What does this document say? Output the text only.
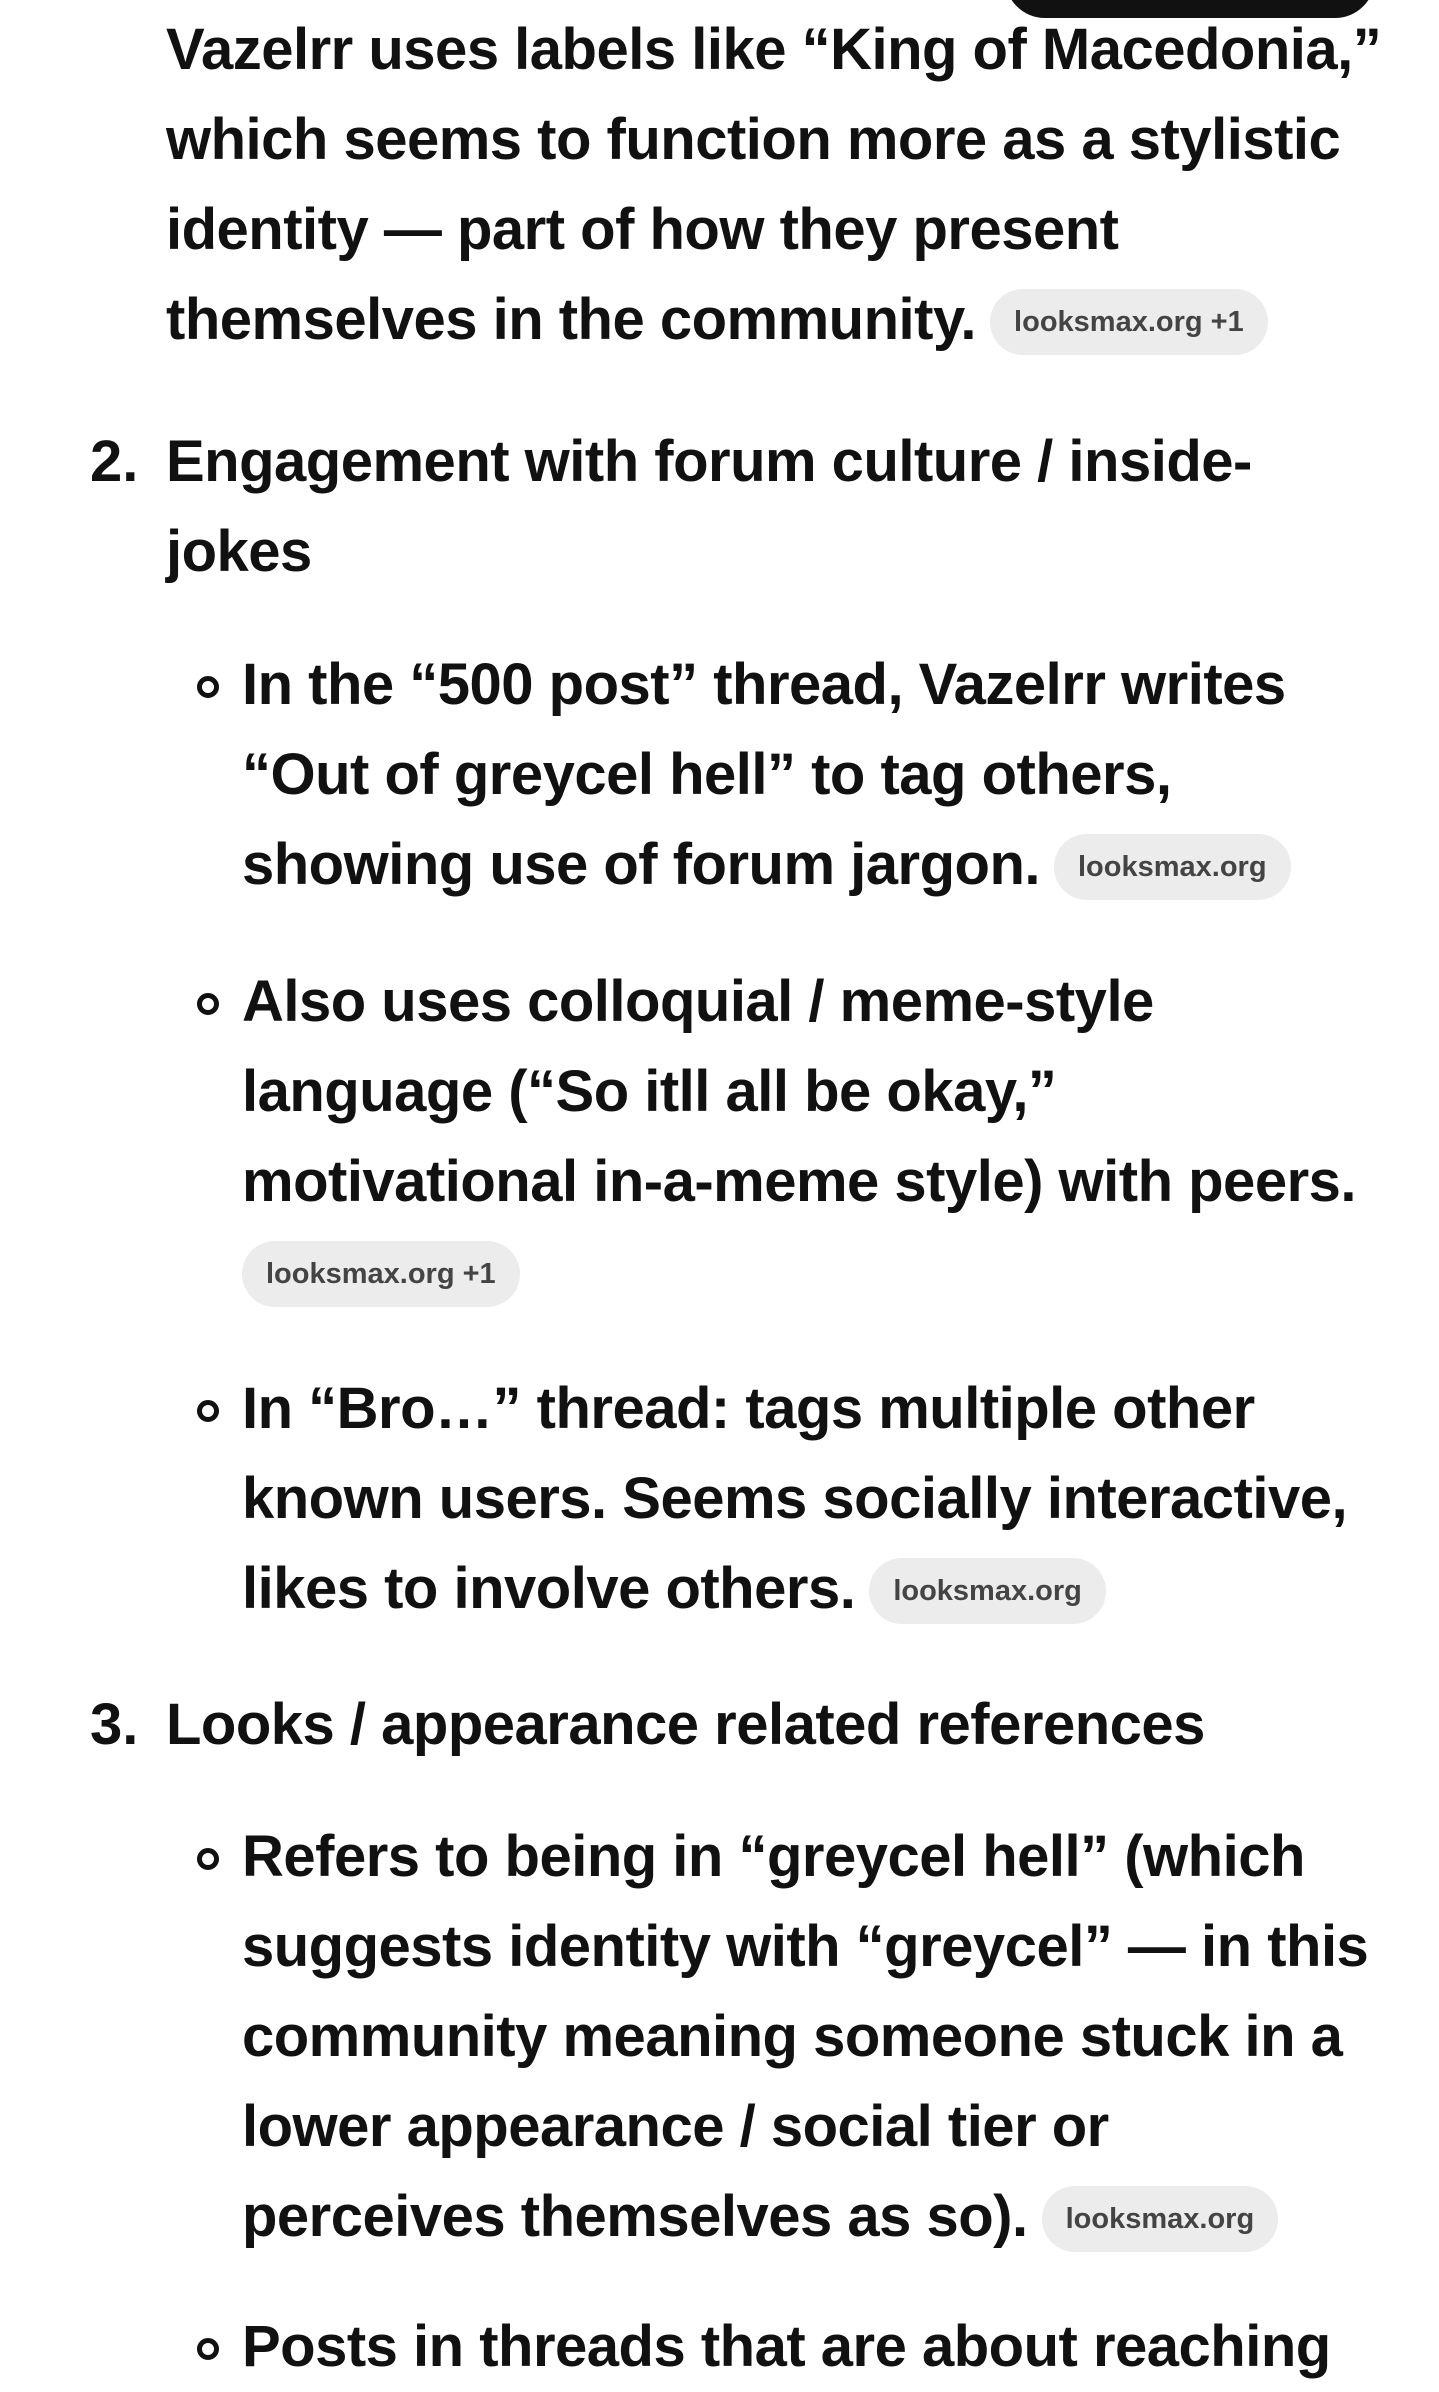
Vazelrr uses labels like “King of Macedonia,” which seems to function more as a stylistic identity — part of how they present themselves in the community. looksmax.org +1
2. Engagement with forum culture / inside-jokes
In the “500 post” thread, Vazelrr writes “Out of greycel hell” to tag others, showing use of forum jargon. looksmax.org
Also uses colloquial / meme-style language (“So itll all be okay,” motivational in-a-meme style) with peers.
looksmax.org +1
In “Bro…” thread: tags multiple other known users. Seems socially interactive, likes to involve others. looksmax.org
3. Looks / appearance related references
Refers to being in “greycel hell” (which suggests identity with “greycel” — in this community meaning someone stuck in a lower appearance / social tier or perceives themselves as so). looksmax.org
Posts in threads that are about reaching
